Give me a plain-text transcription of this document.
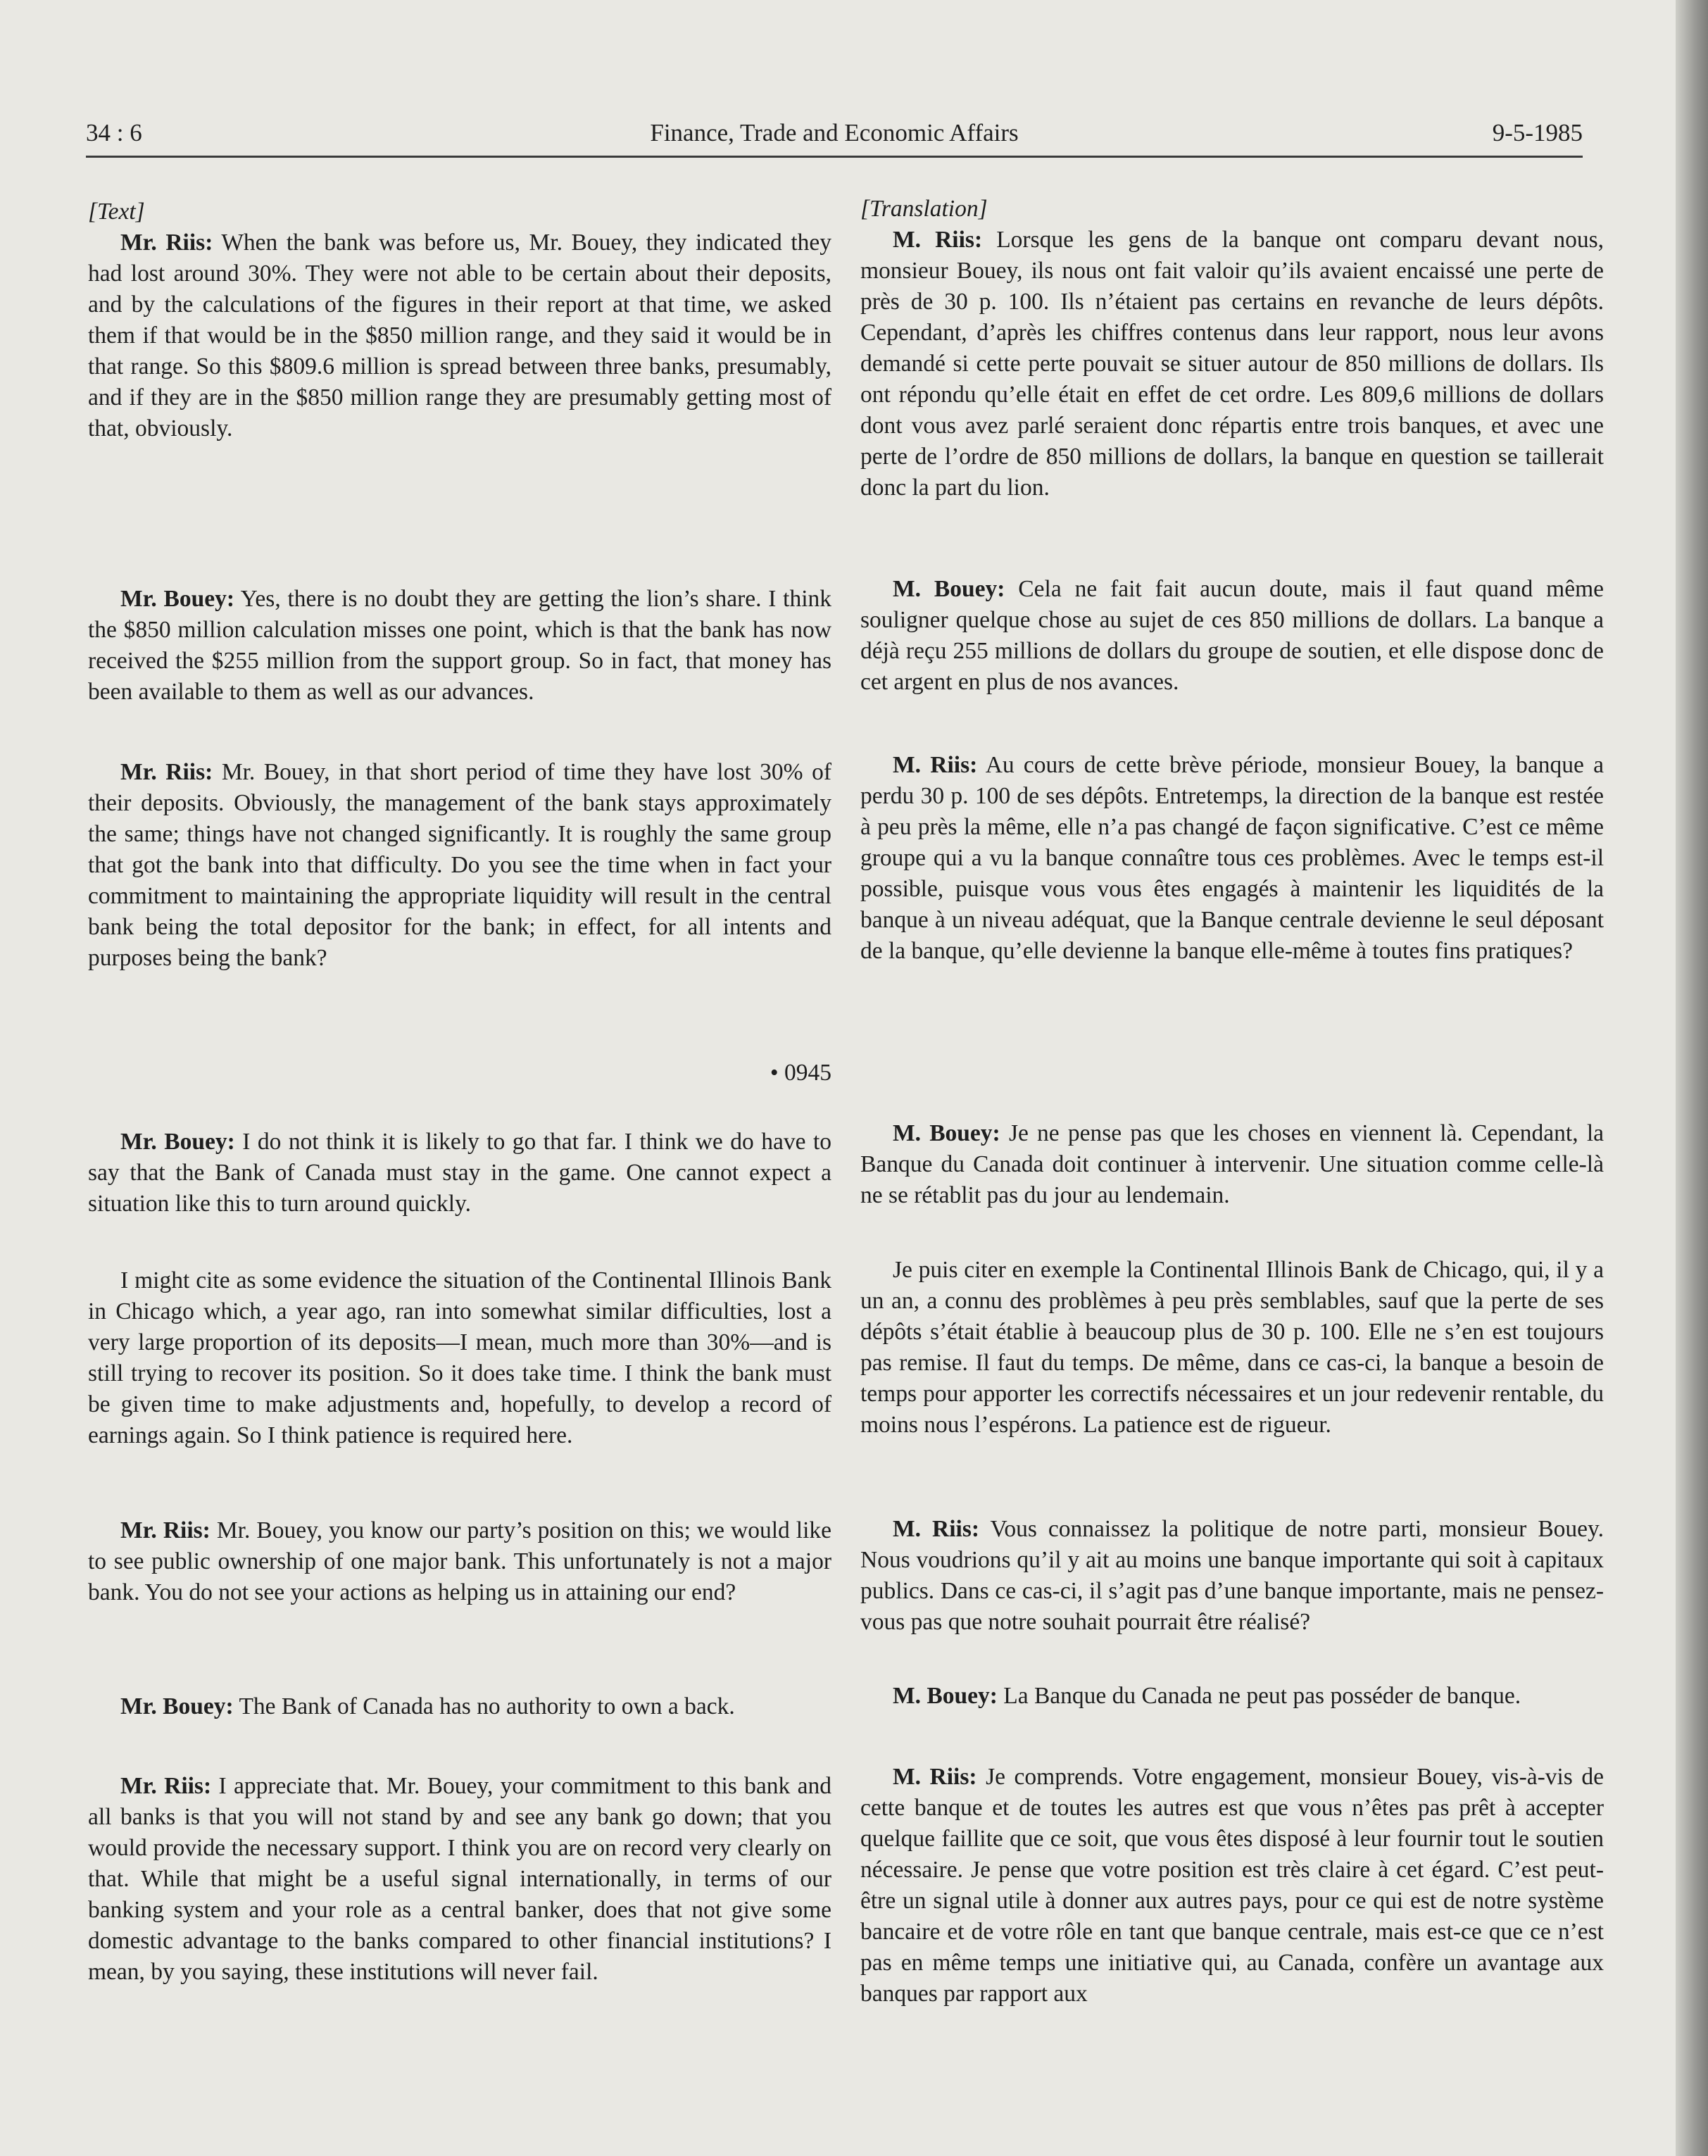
34 : 6	Finance, Trade and Economic Affairs	9-5-1985

[Text]

Mr. Riis: When the bank was before us, Mr. Bouey, they indicated they had lost around 30%. They were not able to be certain about their deposits, and by the calculations of the figures in their report at that time, we asked them if that would be in the $850 million range, and they said it would be in that range. So this $809.6 million is spread between three banks, presumably, and if they are in the $850 million range they are presumably getting most of that, obviously.

Mr. Bouey: Yes, there is no doubt they are getting the lion’s share. I think the $850 million calculation misses one point, which is that the bank has now received the $255 million from the support group. So in fact, that money has been available to them as well as our advances.

Mr. Riis: Mr. Bouey, in that short period of time they have lost 30% of their deposits. Obviously, the management of the bank stays approximately the same; things have not changed significantly. It is roughly the same group that got the bank into that difficulty. Do you see the time when in fact your commitment to maintaining the appropriate liquidity will result in the central bank being the total depositor for the bank; in effect, for all intents and purposes being the bank?

• 0945

Mr. Bouey: I do not think it is likely to go that far. I think we do have to say that the Bank of Canada must stay in the game. One cannot expect a situation like this to turn around quickly.

I might cite as some evidence the situation of the Continental Illinois Bank in Chicago which, a year ago, ran into somewhat similar difficulties, lost a very large proportion of its deposits—I mean, much more than 30%—and is still trying to recover its position. So it does take time. I think the bank must be given time to make adjustments and, hopefully, to develop a record of earnings again. So I think patience is required here.

Mr. Riis: Mr. Bouey, you know our party’s position on this; we would like to see public ownership of one major bank. This unfortunately is not a major bank. You do not see your actions as helping us in attaining our end?

Mr. Bouey: The Bank of Canada has no authority to own a back.

Mr. Riis: I appreciate that. Mr. Bouey, your commitment to this bank and all banks is that you will not stand by and see any bank go down; that you would provide the necessary support. I think you are on record very clearly on that. While that might be a useful signal internationally, in terms of our banking system and your role as a central banker, does that not give some domestic advantage to the banks compared to other financial institutions? I mean, by you saying, these institutions will never fail.

[Translation]

M. Riis: Lorsque les gens de la banque ont comparu devant nous, monsieur Bouey, ils nous ont fait valoir qu’ils avaient encaissé une perte de près de 30 p. 100. Ils n’étaient pas certains en revanche de leurs dépôts. Cependant, d’après les chiffres contenus dans leur rapport, nous leur avons demandé si cette perte pouvait se situer autour de 850 millions de dollars. Ils ont répondu qu’elle était en effet de cet ordre. Les 809,6 millions de dollars dont vous avez parlé seraient donc répartis entre trois banques, et avec une perte de l’ordre de 850 millions de dollars, la banque en question se taillerait donc la part du lion.

M. Bouey: Cela ne fait fait aucun doute, mais il faut quand même souligner quelque chose au sujet de ces 850 millions de dollars. La banque a déjà reçu 255 millions de dollars du groupe de soutien, et elle dispose donc de cet argent en plus de nos avances.

M. Riis: Au cours de cette brève période, monsieur Bouey, la banque a perdu 30 p. 100 de ses dépôts. Entretemps, la direction de la banque est restée à peu près la même, elle n’a pas changé de façon significative. C’est ce même groupe qui a vu la banque connaître tous ces problèmes. Avec le temps est-il possible, puisque vous vous êtes engagés à maintenir les liquidités de la banque à un niveau adéquat, que la Banque centrale devienne le seul déposant de la banque, qu’elle devienne la banque elle-même à toutes fins pratiques?

M. Bouey: Je ne pense pas que les choses en viennent là. Cependant, la Banque du Canada doit continuer à intervenir. Une situation comme celle-là ne se rétablit pas du jour au lendemain.

Je puis citer en exemple la Continental Illinois Bank de Chicago, qui, il y a un an, a connu des problèmes à peu près semblables, sauf que la perte de ses dépôts s’était établie à beaucoup plus de 30 p. 100. Elle ne s’en est toujours pas remise. Il faut du temps. De même, dans ce cas-ci, la banque a besoin de temps pour apporter les correctifs nécessaires et un jour redevenir rentable, du moins nous l’espérons. La patience est de rigueur.

M. Riis: Vous connaissez la politique de notre parti, monsieur Bouey. Nous voudrions qu’il y ait au moins une banque importante qui soit à capitaux publics. Dans ce cas-ci, il s’agit pas d’une banque importante, mais ne pensez-vous pas que notre souhait pourrait être réalisé?

M. Bouey: La Banque du Canada ne peut pas posséder de banque.

M. Riis: Je comprends. Votre engagement, monsieur Bouey, vis-à-vis de cette banque et de toutes les autres est que vous n’êtes pas prêt à accepter quelque faillite que ce soit, que vous êtes disposé à leur fournir tout le soutien nécessaire. Je pense que votre position est très claire à cet égard. C’est peut-être un signal utile à donner aux autres pays, pour ce qui est de notre système bancaire et de votre rôle en tant que banque centrale, mais est-ce que ce n’est pas en même temps une initiative qui, au Canada, confère un avantage aux banques par rapport aux
